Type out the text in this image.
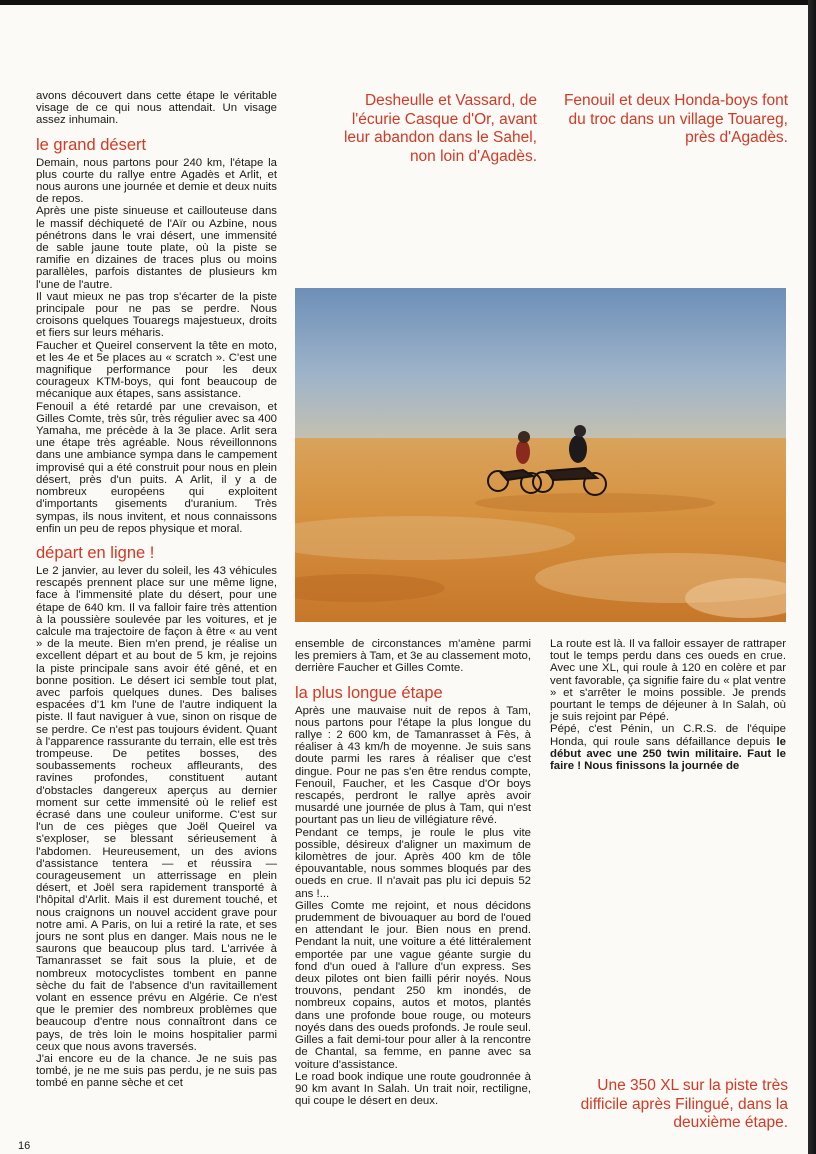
Desheulle et Vassard, de l'écurie Casque d'Or, avant leur abandon dans le Sahel, non loin d'Agadès.
Fenouil et deux Honda-boys font du troc dans un village Touareg, près d'Agadès.
Une 350 XL sur la piste très difficile après Filingué, dans la deuxième étape.

avons découvert dans cette étape le véritable visage de ce qui nous attendait. Un visage assez inhumain.

le grand désert

Demain, nous partons pour 240 km, l'étape la plus courte du rallye entre Agadès et Arlit, et nous aurons une journée et demie et deux nuits de repos.

Après une piste sinueuse et caillouteuse dans le massif déchiqueté de l'Aïr ou Azbine, nous pénétrons dans le vrai désert, une immensité de sable jaune toute plate, où la piste se ramifie en dizaines de traces plus ou moins parallèles, parfois distantes de plusieurs km l'une de l'autre.

Il vaut mieux ne pas trop s'écarter de la piste principale pour ne pas se perdre. Nous croisons quelques Touaregs majestueux, droits et fiers sur leurs méharis.

Faucher et Queirel conservent la tête en moto, et les 4e et 5e places au « scratch ». C'est une magnifique performance pour les deux courageux KTM-boys, qui font beaucoup de mécanique aux étapes, sans assistance.

Fenouil a été retardé par une crevaison, et Gilles Comte, très sûr, très régulier avec sa 400 Yamaha, me précède à la 3e place. Arlit sera une étape très agréable. Nous réveillonnons dans une ambiance sympa dans le campement improvisé qui a été construit pour nous en plein désert, près d'un puits. A Arlit, il y a de nombreux européens qui exploitent d'importants gisements d'uranium. Très sympas, ils nous invitent, et nous connaissons enfin un peu de repos physique et moral.

départ en ligne !

Le 2 janvier, au lever du soleil, les 43 véhicules rescapés prennent place sur une même ligne, face à l'immensité plate du désert, pour une étape de 640 km. Il va falloir faire très attention à la poussière soulevée par les voitures, et je calcule ma trajectoire de façon à être « au vent » de la meute. Bien m'en prend, je réalise un excellent départ et au bout de 5 km, je rejoins la piste principale sans avoir été gêné, et en bonne position. Le désert ici semble tout plat, avec parfois quelques dunes. Des balises espacées d'1 km l'une de l'autre indiquent la piste. Il faut naviguer à vue, sinon on risque de se perdre. Ce n'est pas toujours évident. Quant à l'apparence rassurante du terrain, elle est très trompeuse. De petites bosses, des soubassements rocheux affleurants, des ravines profondes, constituent autant d'obstacles dangereux aperçus au dernier moment sur cette immensité où le relief est écrasé dans une couleur uniforme. C'est sur l'un de ces pièges que Joël Queirel va s'exploser, se blessant sérieusement à l'abdomen. Heureusement, un des avions d'assistance tentera — et réussira — courageusement un atterrissage en plein désert, et Joël sera rapidement transporté à l'hôpital d'Arlit. Mais il est durement touché, et nous craignons un nouvel accident grave pour notre ami. A Paris, on lui a retiré la rate, et ses jours ne sont plus en danger. Mais nous ne le saurons que beaucoup plus tard. L'arrivée à Tamanrasset se fait sous la pluie, et de nombreux motocyclistes tombent en panne sèche du fait de l'absence d'un ravitaillement volant en essence prévu en Algérie. Ce n'est que le premier des nombreux problèmes que beaucoup d'entre nous connaîtront dans ce pays, de très loin le moins hospitalier parmi ceux que nous avons traversés.

J'ai encore eu de la chance. Je ne suis pas tombé, je ne me suis pas perdu, je ne suis pas tombé en panne sèche et cet

ensemble de circonstances m'amène parmi les premiers à Tam, et 3e au classement moto, derrière Faucher et Gilles Comte.

la plus longue étape

Après une mauvaise nuit de repos à Tam, nous partons pour l'étape la plus longue du rallye : 2 600 km, de Tamanrasset à Fès, à réaliser à 43 km/h de moyenne. Je suis sans doute parmi les rares à réaliser que c'est dingue. Pour ne pas s'en être rendus compte, Fenouil, Faucher, et les Casque d'Or boys rescapés, perdront le rallye après avoir musardé une journée de plus à Tam, qui n'est pourtant pas un lieu de villégiature rêvé.

Pendant ce temps, je roule le plus vite possible, désireux d'aligner un maximum de kilomètres de jour. Après 400 km de tôle épouvantable, nous sommes bloqués par des oueds en crue. Il n'avait pas plu ici depuis 52 ans !...

Gilles Comte me rejoint, et nous décidons prudemment de bivouaquer au bord de l'oued en attendant le jour. Bien nous en prend. Pendant la nuit, une voiture a été littéralement emportée par une vague géante surgie du fond d'un oued à l'allure d'un express. Ses deux pilotes ont bien failli périr noyés. Nous trouvons, pendant 250 km inondés, de nombreux copains, autos et motos, plantés dans une profonde boue rouge, ou moteurs noyés dans des oueds profonds. Je roule seul. Gilles a fait demi-tour pour aller à la rencontre de Chantal, sa femme, en panne avec sa voiture d'assistance.

Le road book indique une route goudronnée à 90 km avant In Salah. Un trait noir, rectiligne, qui coupe le désert en deux.

La route est là. Il va falloir essayer de rattraper tout le temps perdu dans ces oueds en crue. Avec une XL, qui roule à 120 en colère et par vent favorable, ça signifie faire du « plat ventre » et s'arrêter le moins possible. Je prends pourtant le temps de déjeuner à In Salah, où je suis rejoint par Pépé.

Pépé, c'est Pénin, un C.R.S. de l'équipe Honda, qui roule sans défaillance depuis le début avec une 250 twin militaire. Faut le faire ! Nous finissons la journée de

16
